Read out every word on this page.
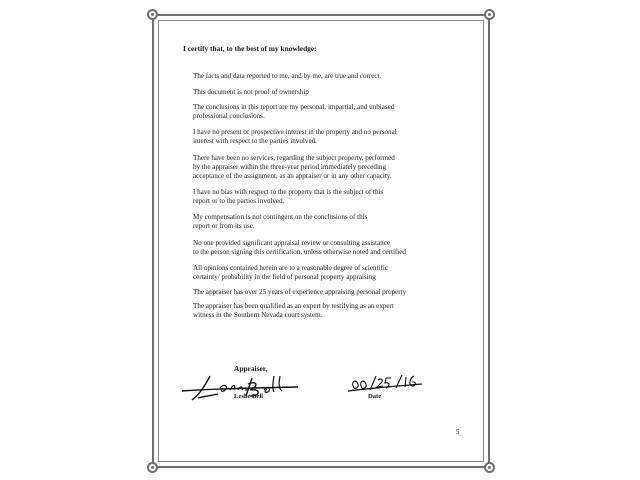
I certify that, to the best of my knowledge:
The facts and data reported to me, and by me, are true and correct.
This document is not proof of ownership
The conclusions in this report are my personal, impartial, and unbiased
professional conclusions.
I have no present or prospective interest in the property and no personal
interest with respect to the parties involved.
There have been no services, regarding the subject property, performed
by the appraiser within the three-year period immediately preceding
acceptance of the assignment, as an appraiser or in any other capacity.
I have no bias with respect to the property that is the subject of this
report or to the parties involved.
My compensation is not contingent on the conclusions of this
report or from its use.
No one provided significant appraisal review or consulting assistance
to the person signing this certification, unless otherwise noted and certified
All opinions contained herein are to a reasonable degree of scientific
certainty/ probability in the field of personal property appraising
The appraiser has over 25 years of experience appraising personal property
The appraiser has been qualified as an expert by testifying as an expert
witness in the Southern Nevada court system.
Appraiser,
Leslie Bell	Date
5
